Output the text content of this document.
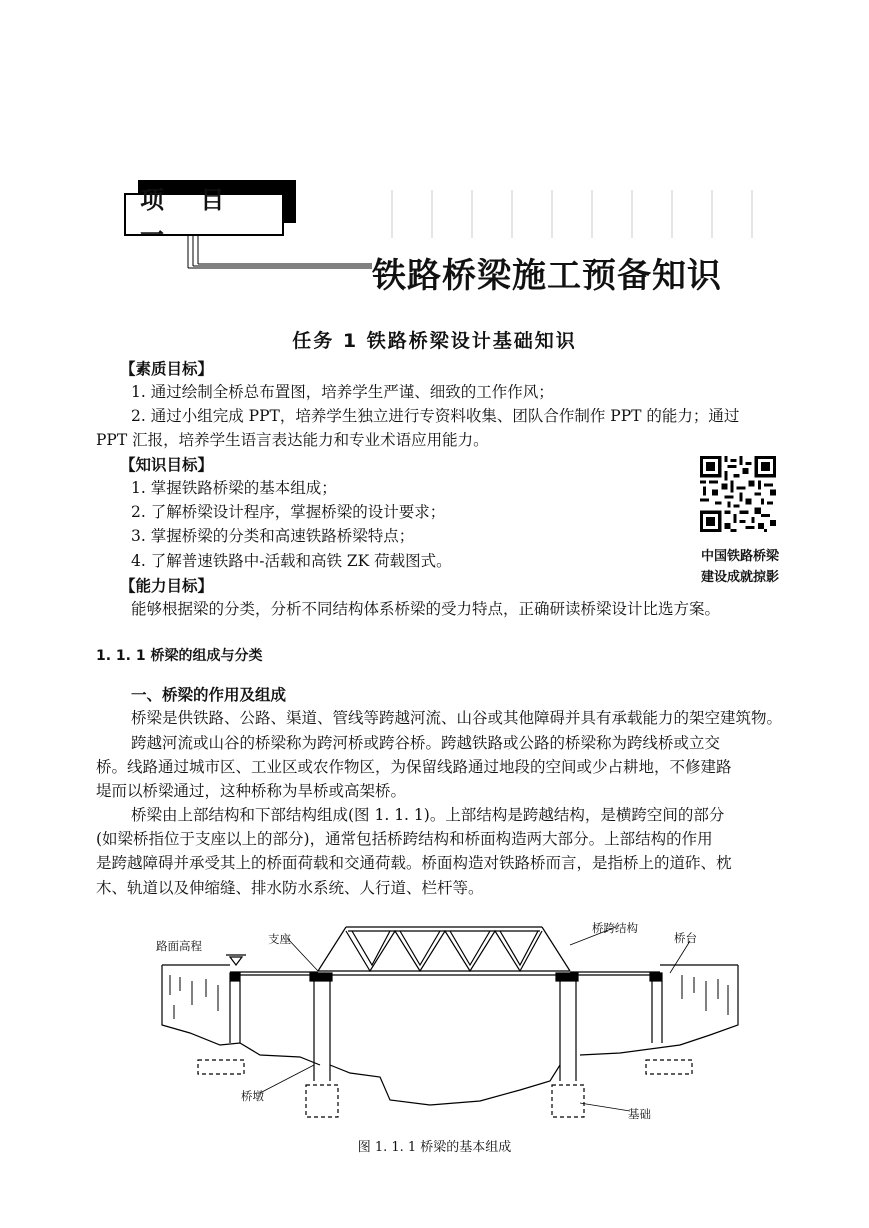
项 目 一
铁路桥梁施工预备知识
任务 1 铁路桥梁设计基础知识
【素质目标】
1. 通过绘制全桥总布置图，培养学生严谨、细致的工作作风；
2. 通过小组完成 PPT，培养学生独立进行专资料收集、团队合作制作 PPT 的能力；通过
PPT 汇报，培养学生语言表达能力和专业术语应用能力。
【知识目标】
1. 掌握铁路桥梁的基本组成；
2. 了解桥梁设计程序，掌握桥梁的设计要求；
3. 掌握桥梁的分类和高速铁路桥梁特点；
4. 了解普速铁路中-活载和高铁 ZK 荷载图式。
【能力目标】
能够根据梁的分类，分析不同结构体系桥梁的受力特点，正确研读桥梁设计比选方案。
中国铁路桥梁
建设成就掠影
1. 1. 1 桥梁的组成与分类
一、桥梁的作用及组成
桥梁是供铁路、公路、渠道、管线等跨越河流、山谷或其他障碍并具有承载能力的架空建筑物。
跨越河流或山谷的桥梁称为跨河桥或跨谷桥。跨越铁路或公路的桥梁称为跨线桥或立交
桥。线路通过城市区、工业区或农作物区，为保留线路通过地段的空间或少占耕地，不修建路
堤而以桥梁通过，这种桥称为旱桥或高架桥。
桥梁由上部结构和下部结构组成(图 1. 1. 1)。上部结构是跨越结构，是横跨空间的部分
(如梁桥指位于支座以上的部分)，通常包括桥跨结构和桥面构造两大部分。上部结构的作用
是跨越障碍并承受其上的桥面荷载和交通荷载。桥面构造对铁路桥而言，是指桥上的道砟、枕
木、轨道以及伸缩缝、排水防水系统、人行道、栏杆等。
路面高程	支座
桥跨结构
桥台
桥墩
基础
图 1. 1. 1 桥梁的基本组成
